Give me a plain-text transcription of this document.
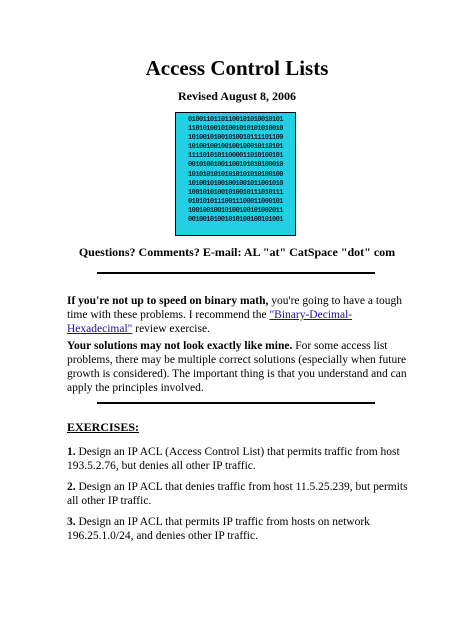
Access Control Lists
Revised August 8, 2006
01001101101100101010010101
11010100101001010101010010
10100101001010010111101100
10100100100100100010110101
11110101011000011010100101
00101001001100101010100010
10101010101010101010100100
10100101001001001011001010
10010101001010010111010111
01010101110011100011000101
10010010010100100101002011
00100101001010100100101001
Questions? Comments? E-mail: AL "at" CatSpace "dot" com
If you're not up to speed on binary math, you're going to have a tough time with these problems. I recommend the "Binary-Decimal-Hexadecimal" review exercise.
Your solutions may not look exactly like mine. For some access list problems, there may be multiple correct solutions (especially when future growth is considered). The important thing is that you understand and can apply the principles involved.
EXERCISES:
1. Design an IP ACL (Access Control List) that permits traffic from host 193.5.2.76, but denies all other IP traffic.
2. Design an IP ACL that denies traffic from host 11.5.25.239, but permits all other IP traffic.
3. Design an IP ACL that permits IP traffic from hosts on network 196.25.1.0/24, and denies other IP traffic.
